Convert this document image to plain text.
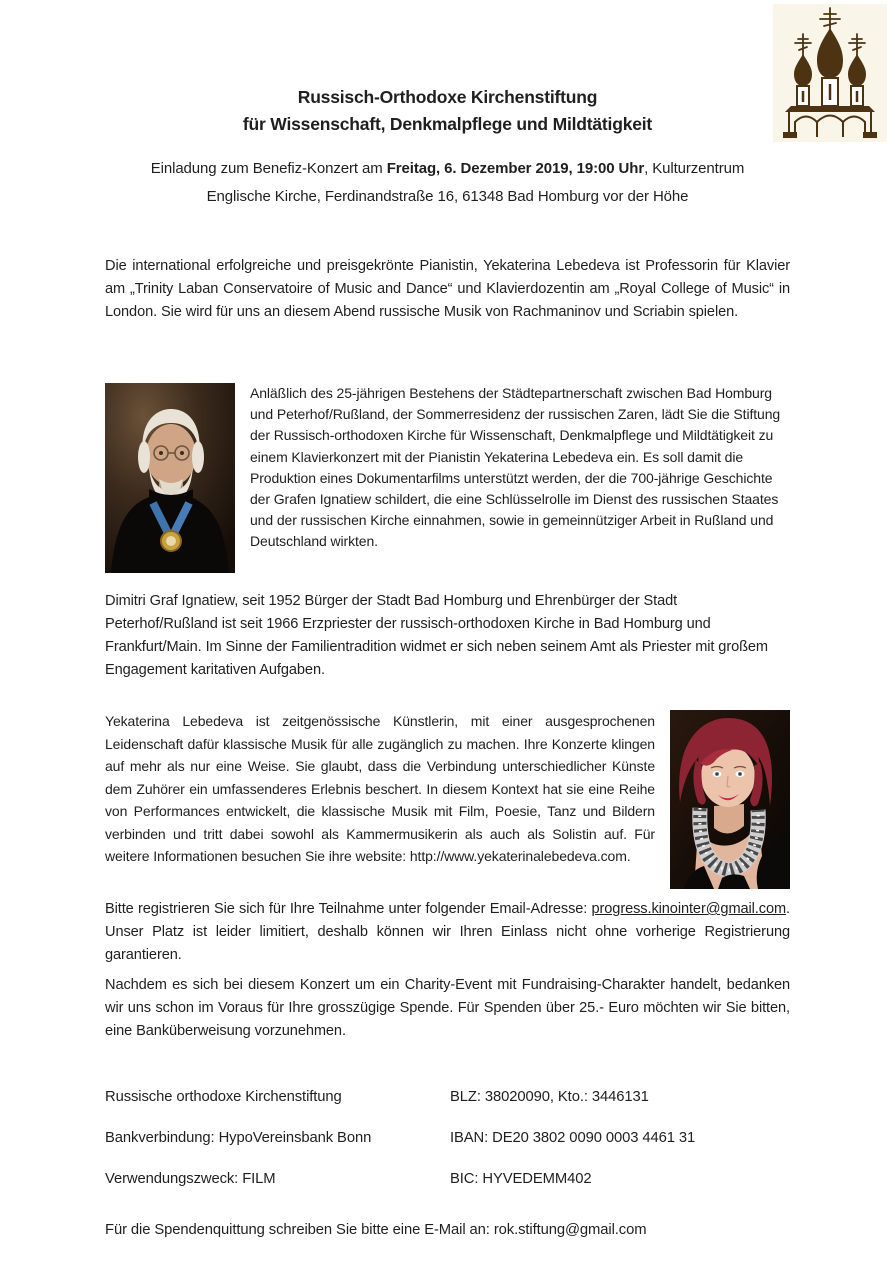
Russisch-Orthodoxe Kirchenstiftung
für Wissenschaft, Denkmalpflege und Mildtätigkeit
Einladung zum Benefiz-Konzert am Freitag, 6. Dezember 2019, 19:00 Uhr, Kulturzentrum
Englische Kirche, Ferdinandstraße 16, 61348 Bad Homburg vor der Höhe
Die international erfolgreiche und preisgekrönte Pianistin, Yekaterina Lebedeva ist Professorin für Klavier am „Trinity Laban Conservatoire of Music and Dance“ und Klavierdozentin am „Royal College of Music“ in London. Sie wird für uns an diesem Abend russische Musik von Rachmaninov und Scriabin spielen.
Anläßlich des 25-jährigen Bestehens der Städtepartnerschaft zwischen Bad Homburg und Peterhof/Rußland, der Sommerresidenz der russischen Zaren, lädt Sie die Stiftung der Russisch-orthodoxen Kirche für Wissenschaft, Denkmalpflege und Mildtätigkeit zu einem Klavierkonzert mit der Pianistin Yekaterina Lebedeva ein. Es soll damit die Produktion eines Dokumentarfilms unterstützt werden, der die 700-jährige Geschichte der Grafen Ignatiew schildert, die eine Schlüsselrolle im Dienst des russischen Staates und der russischen Kirche einnahmen, sowie in gemeinnütziger Arbeit in Rußland und Deutschland wirkten.
Dimitri Graf Ignatiew, seit 1952 Bürger der Stadt Bad Homburg und Ehrenbürger der Stadt Peterhof/Rußland ist seit 1966 Erzpriester der russisch-orthodoxen Kirche in Bad Homburg und Frankfurt/Main. Im Sinne der Familientradition widmet er sich neben seinem Amt als Priester mit großem Engagement karitativen Aufgaben.
Yekaterina Lebedeva ist zeitgenössische Künstlerin, mit einer ausgesprochenen Leidenschaft dafür klassische Musik für alle zugänglich zu machen. Ihre Konzerte klingen auf mehr als nur eine Weise. Sie glaubt, dass die Verbindung unterschiedlicher Künste dem Zuhörer ein umfassenderes Erlebnis beschert. In diesem Kontext hat sie eine Reihe von Performances entwickelt, die klassische Musik mit Film, Poesie, Tanz und Bildern verbinden und tritt dabei sowohl als Kammermusikerin als auch als Solistin auf. Für weitere Informationen besuchen Sie ihre website: http://www.yekaterinalebedeva.com.
Bitte registrieren Sie sich für Ihre Teilnahme unter folgender Email-Adresse: progress.kinointer@gmail.com. Unser Platz ist leider limitiert, deshalb können wir Ihren Einlass nicht ohne vorherige Registrierung garantieren.
Nachdem es sich bei diesem Konzert um ein Charity-Event mit Fundraising-Charakter handelt, bedanken wir uns schon im Voraus für Ihre grosszügige Spende. Für Spenden über 25.- Euro möchten wir Sie bitten, eine Banküberweisung vorzunehmen.
Russische orthodoxe Kirchenstiftung	BLZ: 38020090, Kto.: 3446131
Bankverbindung: HypoVereinsbank Bonn	IBAN: DE20 3802 0090 0003 4461 31
Verwendungszweck: FILM	BIC: HYVEDEMM402
Für die Spendenquittung schreiben Sie bitte eine E-Mail an: rok.stiftung@gmail.com
